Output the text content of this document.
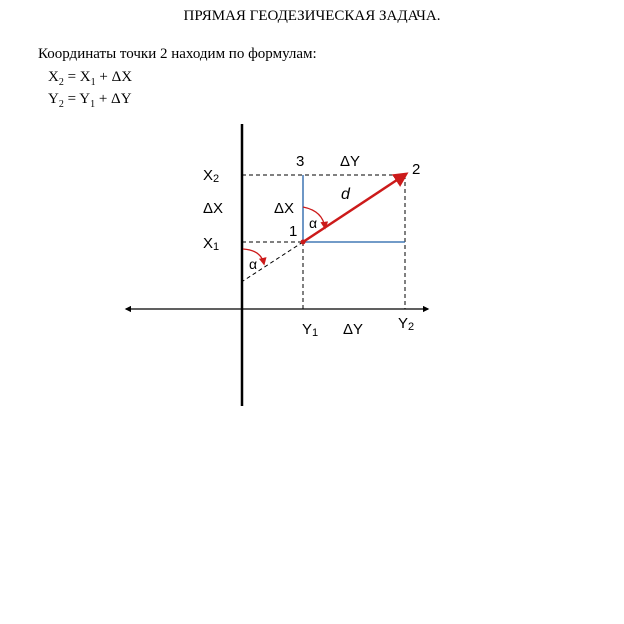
ПРЯМАЯ ГЕОДЕЗИЧЕСКАЯ ЗАДАЧА.
Координаты точки 2 находим по формулам:
$X_2 = X_1 + \Delta X$
$Y_2 = Y_1 + \Delta Y$
X2
ΔX
X1
3 ΔY	2
d
ΔX
1 α
α
Y1 ΔY Y2
